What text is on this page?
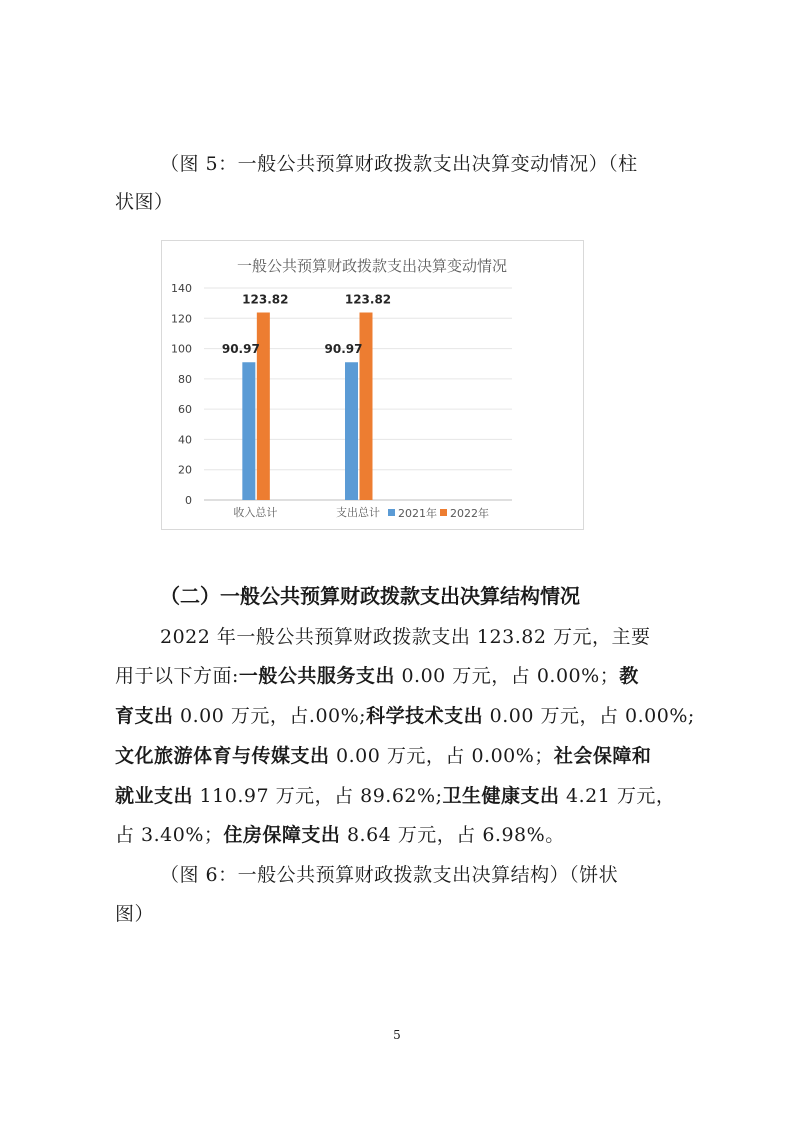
（图 5：一般公共预算财政拨款支出决算变动情况）（柱
状图）
一般公共预算财政拨款支出决算变动情况
0
20
40
60
80
100
120
140
90.97
123.82
收入总计
90.97
123.82
支出总计 2021年 2022年
（二）一般公共预算财政拨款支出决算结构情况
2022 年一般公共预算财政拨款支出 123.82 万元，主要
用于以下方面:一般公共服务支出 0.00 万元，占 0.00%；教
育支出 0.00 万元，占.00%;科学技术支出 0.00 万元，占 0.00%;
文化旅游体育与传媒支出 0.00 万元，占 0.00%；社会保障和
就业支出 110.97 万元，占 89.62%;卫生健康支出 4.21 万元，
占 3.40%；住房保障支出 8.64 万元，占 6.98%。
（图 6：一般公共预算财政拨款支出决算结构）（饼状
图）
5
